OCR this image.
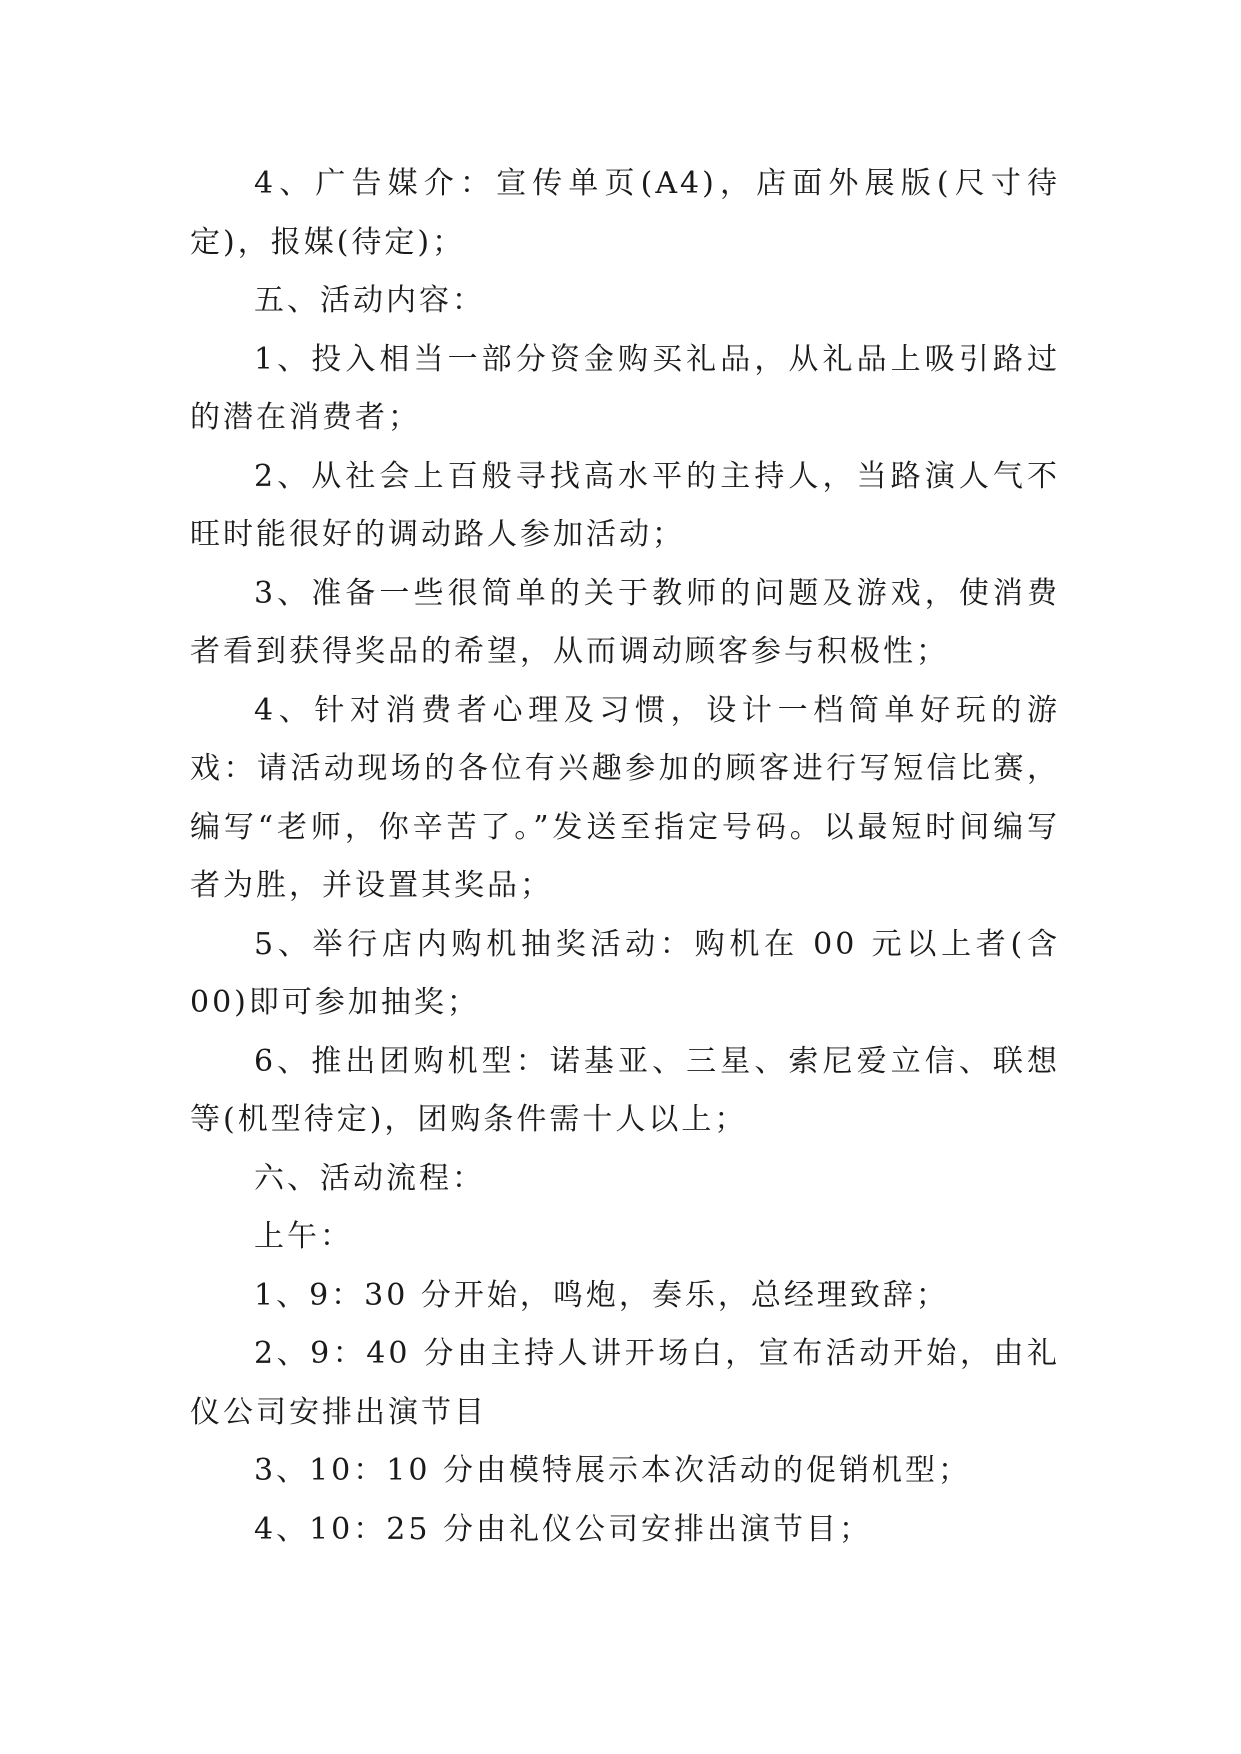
4、广告媒介：宣传单页(A4)，店面外展版(尺寸待定)，报媒(待定)；

五、活动内容：

1、投入相当一部分资金购买礼品，从礼品上吸引路过的潜在消费者；

2、从社会上百般寻找高水平的主持人，当路演人气不旺时能很好的调动路人参加活动；

3、准备一些很简单的关于教师的问题及游戏，使消费者看到获得奖品的希望，从而调动顾客参与积极性；

4、针对消费者心理及习惯，设计一档简单好玩的游戏：请活动现场的各位有兴趣参加的顾客进行写短信比赛，编写“老师，你辛苦了。”发送至指定号码。以最短时间编写者为胜，并设置其奖品；

5、举行店内购机抽奖活动：购机在 00 元以上者(含 00)即可参加抽奖；

6、推出团购机型：诺基亚、三星、索尼爱立信、联想等(机型待定)，团购条件需十人以上；

六、活动流程：

上午：

1、9：30 分开始，鸣炮，奏乐，总经理致辞；

2、9：40 分由主持人讲开场白，宣布活动开始，由礼仪公司安排出演节目

3、10：10 分由模特展示本次活动的促销机型；

4、10：25 分由礼仪公司安排出演节目；
